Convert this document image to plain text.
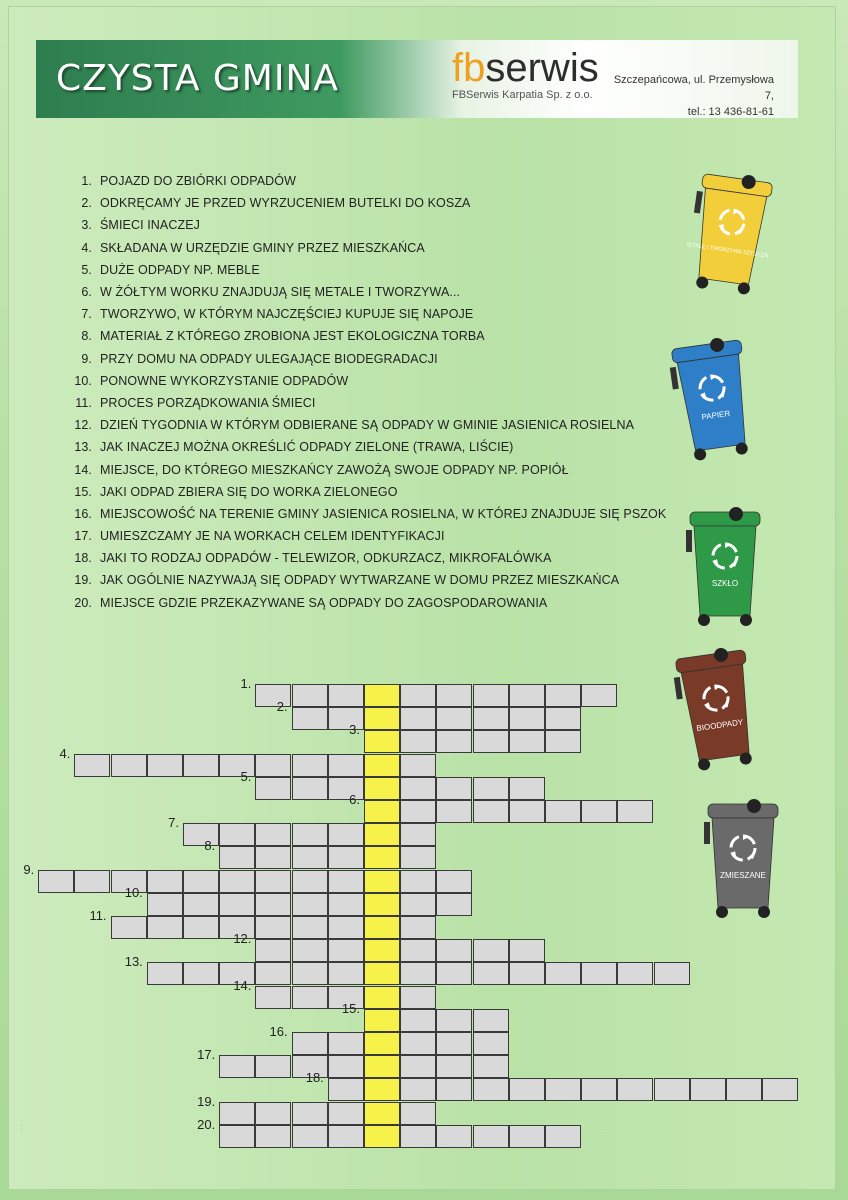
CZYSTA GMINA	fbserwis
FBSerwis Karpatia Sp. z o.o.
Szczepańcowa, ul. Przemysłowa 7,
tel.: 13 436-81-61
1. POJAZD DO ZBIÓRKI ODPADÓW
2. ODKRĘCAMY JE PRZED WYRZUCENIEM BUTELKI DO KOSZA
3. ŚMIECI INACZEJ
4. SKŁADANA W URZĘDZIE GMINY PRZEZ MIESZKAŃCA
5. DUŻE ODPADY NP. MEBLE
6. W ŻÓŁTYM WORKU ZNAJDUJĄ SIĘ METALE I TWORZYWA...
7. TWORZYWO, W KTÓRYM NAJCZĘŚCIEJ KUPUJE SIĘ NAPOJE
8. MATERIAŁ Z KTÓREGO ZROBIONA JEST EKOLOGICZNA TORBA
9. PRZY DOMU NA ODPADY ULEGAJĄCE BIODEGRADACJI
10. PONOWNE WYKORZYSTANIE ODPADÓW
11. PROCES PORZĄDKOWANIA ŚMIECI
12. DZIEŃ TYGODNIA W KTÓRYM ODBIERANE SĄ ODPADY W GMINIE JASIENICA ROSIELNA
13. JAK INACZEJ MOŻNA OKREŚLIĆ ODPADY ZIELONE (TRAWA, LIŚCIE)
14. MIEJSCE, DO KTÓREGO MIESZKAŃCY ZAWOŻĄ SWOJE ODPADY NP. POPIÓŁ
15. JAKI ODPAD ZBIERA SIĘ DO WORKA ZIELONEGO
16. MIEJSCOWOŚĆ NA TERENIE GMINY JASIENICA ROSIELNA, W KTÓREJ ZNAJDUJE SIĘ PSZOK
17. UMIESZCZAMY JE NA WORKACH CELEM IDENTYFIKACJI
18. JAKI TO RODZAJ ODPADÓW - TELEWIZOR, ODKURZACZ, MIKROFALÓWKA
19. JAK OGÓLNIE NAZYWAJĄ SIĘ ODPADY WYTWARZANE W DOMU PRZEZ MIESZKAŃCA
20. MIEJSCE GDZIE PRZEKAZYWANE SĄ ODPADY DO ZAGOSPODAROWANIA
METALE I TWORZYWA SZTUCZNE
PAPIER
SZKŁO
BIOODPADY
ZMIESZANE
1.
2.
3.
4.
5.
6.
7.
8.
9.
10.
11.
12.
13.
14.
15.
16.
17.
18.
19.
20.
:	.
